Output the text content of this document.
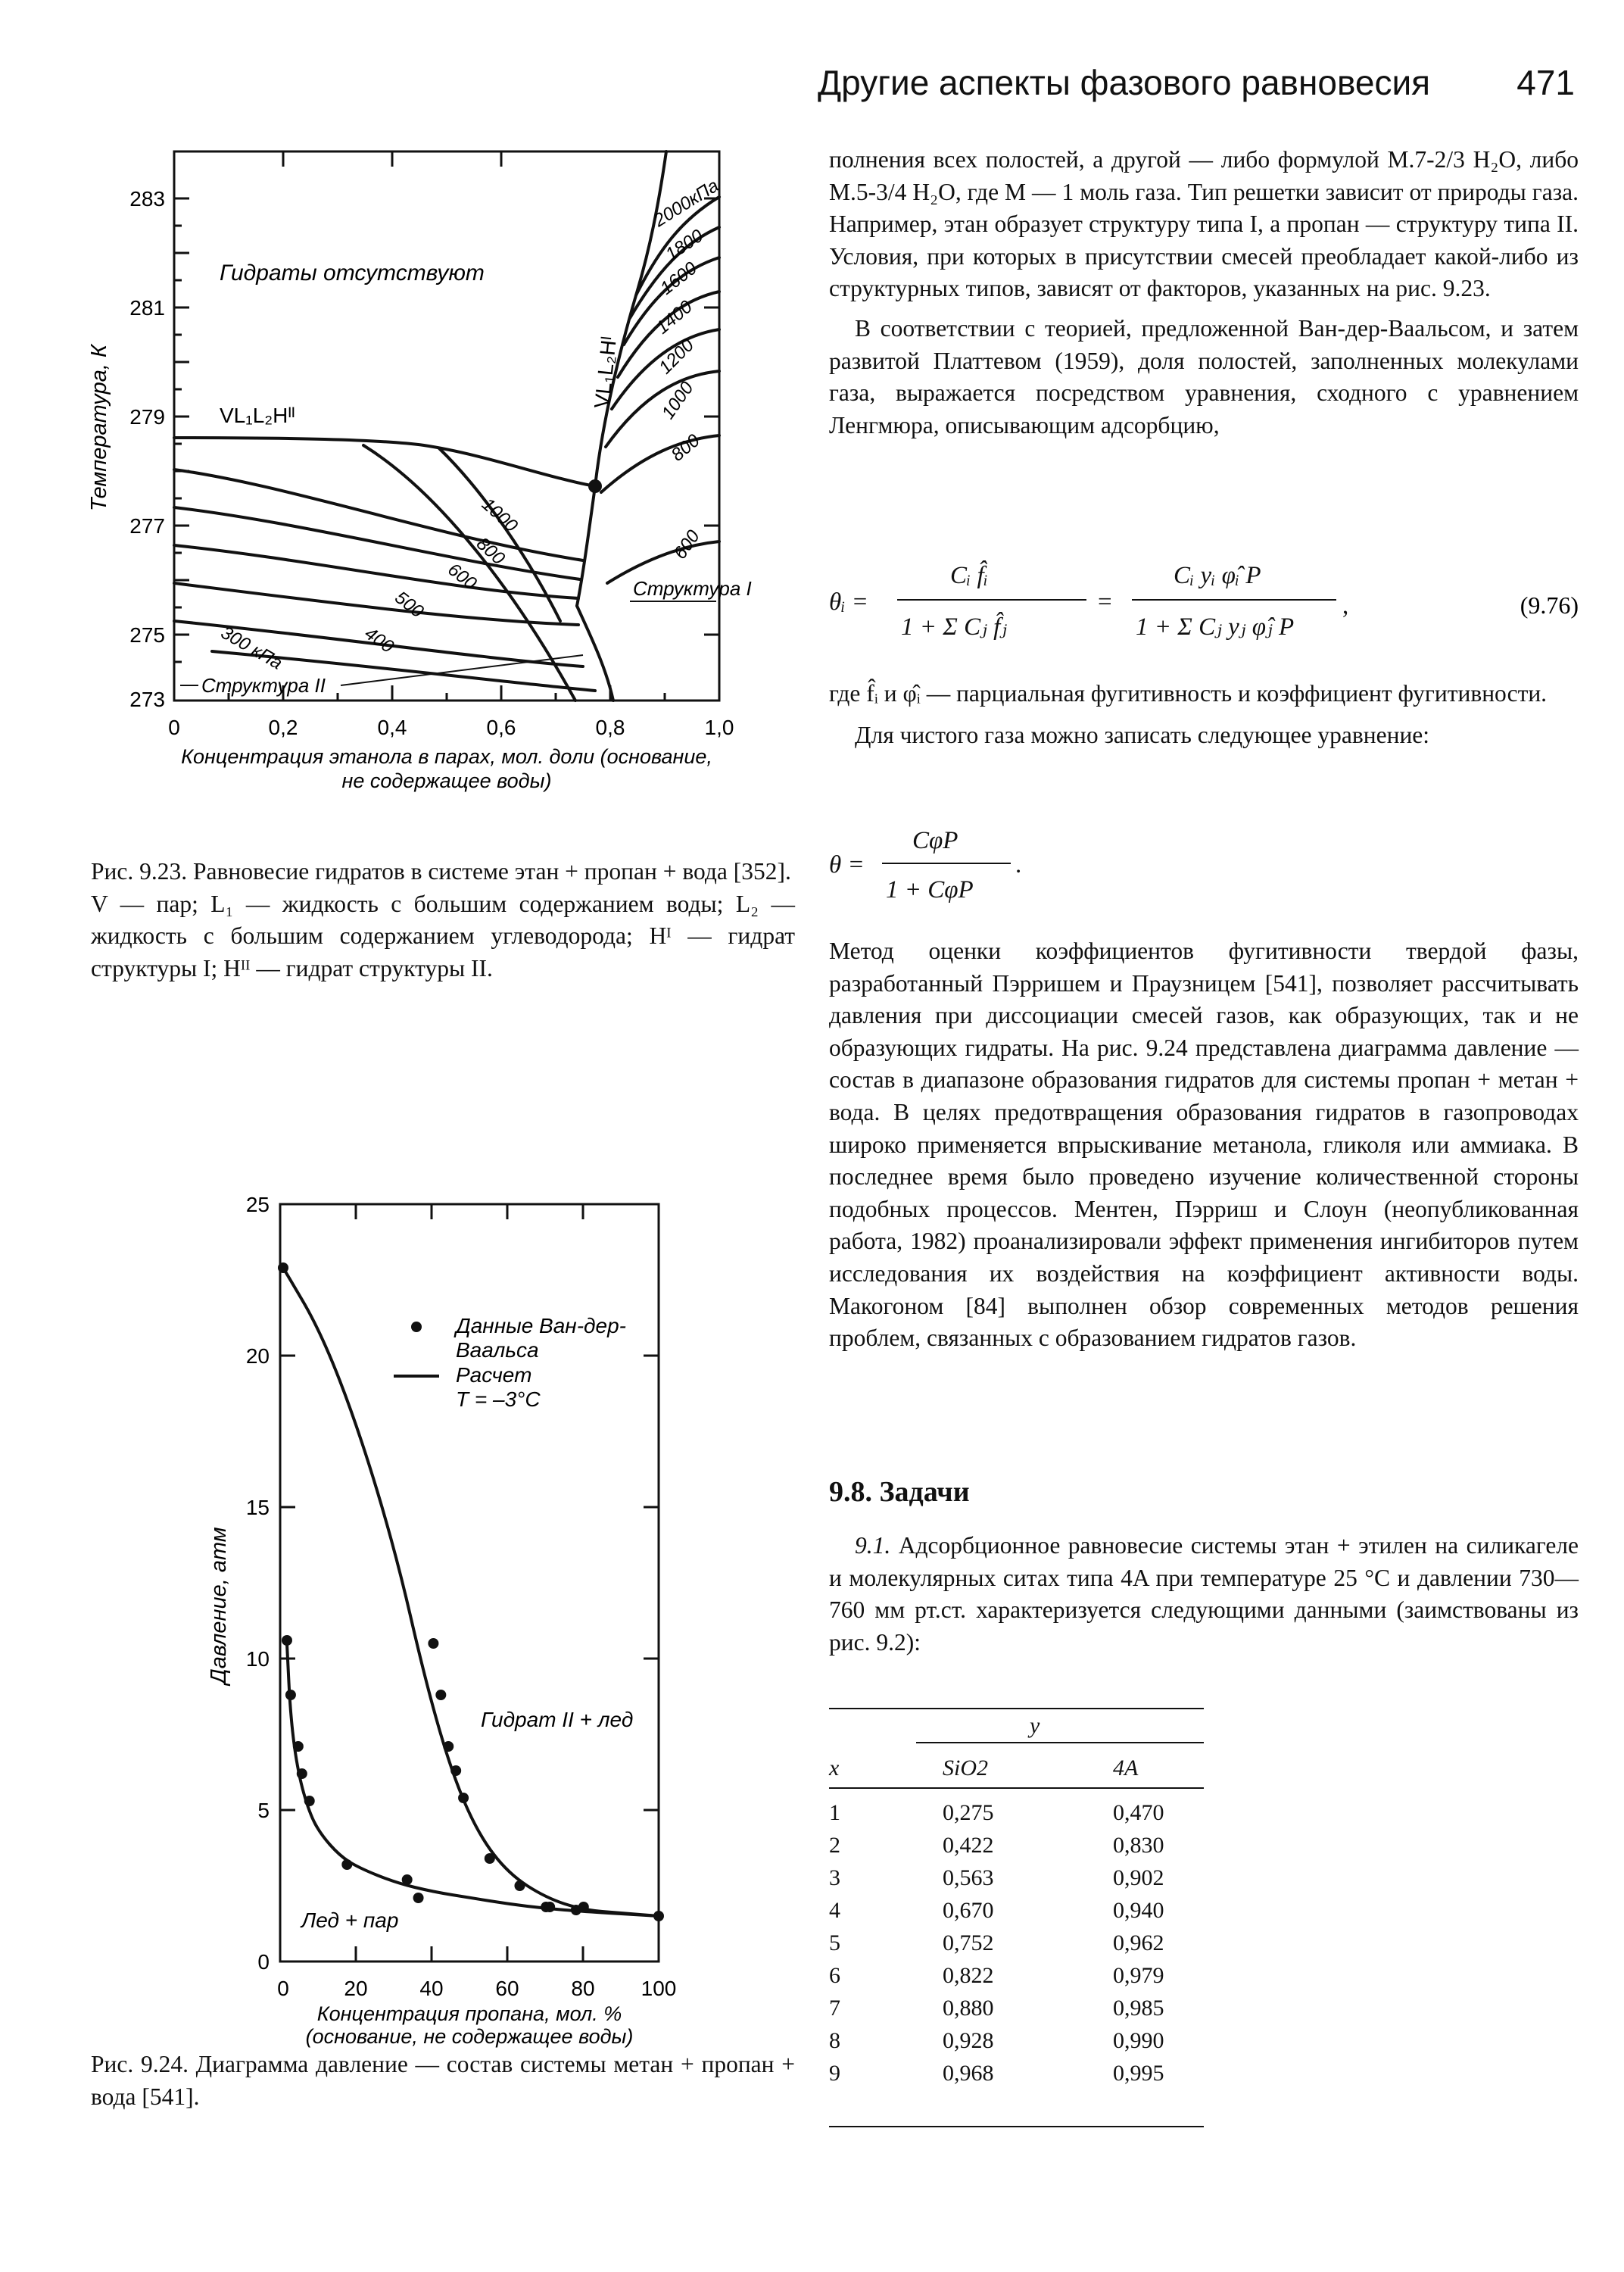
Другие аспекты фазового равновесия 471
283
281
279
277
275
273
0	0,2	0,4	0,6	0,8	1,0
Температура, К
Концентрация этанола в парах, мол. доли (основание,
не содержащее воды)
Гидраты отсутствуют
VL₁L₂Hᴵᴵ
VL₁L₂Hᴵ
Структура I
Структура II
2000кПа
1800
1600
1400
1200
1000
800
600
1000
800
600
500
400
300 кПа

Рис. 9.23. Равновесие гидратов в системе этан + пропан + вода [352].

V — пар; L₁ — жидкость с большим содержанием воды; L₂ — жидкость с большим содержанием углеводорода; Hᴵ — гидрат структуры I; Hᴵᴵ — гидрат структуры II.

25
20
15
10
5
0
0	20 40 60 80 100
Давление, атм
Концентрация пропана, мол. %
(основание, не содержащее воды)
Данные Ван-дер-
Ваальса
Расчет
T = –3°C
Гидрат II + лед
Лед + пар

Рис. 9.24. Диаграмма давление — состав системы метан + пропан + вода [541].

полнения всех полостей, а другой — либо формулой M.7-2/3 H₂O, либо M.5-3/4 H₂O, где M — 1 моль газа. Тип решетки зависит от природы газа. Например, этан образует структуру типа I, а пропан — структуру типа II. Условия, при которых в присутствии смесей преобладает какой-либо из структурных типов, зависят от факторов, указанных на рис. 9.23.

В соответствии с теорией, предложенной Ван-дер-Ваальсом, и затем развитой Платтевом (1959), доля полостей, заполненных молекулами газа, выражается посредством уравнения, сходного с уравнением Ленгмюра, описывающим адсорбцию,

θᵢ =
Cᵢ f̂ᵢ
1 + Σ Cⱼ f̂ⱼ
=
Cᵢ yᵢ φ̂ᵢ P
1 + Σ Cⱼ yⱼ φ̂ⱼ P
,	(9.76)

где f̂ᵢ и φ̂ᵢ — парциальная фугитивность и коэффициент фугитивности.

Для чистого газа можно записать следующее уравнение:

θ =
CφP
1 + CφP
.

Метод оценки коэффициентов фугитивности твердой фазы, разработанный Пэрришем и Праузницем [541], позволяет рассчитывать давления при диссоциации смесей газов, как образующих, так и не образующих гидраты. На рис. 9.24 представлена диаграмма давление — состав в диапазоне образования гидратов для системы пропан + метан + вода. В целях предотвращения образования гидратов в газопроводах широко применяется впрыскивание метанола, гликоля или аммиака. В последнее время было проведено изучение количественной стороны подобных процессов. Ментен, Пэрриш и Слоун (неопубликованная работа, 1982) проанализировали эффект применения ингибиторов путем исследования их воздействия на коэффициент активности воды. Макогоном [84] выполнен обзор современных методов решения проблем, связанных с образованием гидратов газов.

9.8. Задачи

9.1. Адсорбционное равновесие системы этан + этилен на силикагеле и молекулярных ситах типа 4A при температуре 25 °C и давлении 730—760 мм рт.ст. характеризуется следующими данными (заимствованы из рис. 9.2):

y
x	SiO2	4A
1	0,275	0,470
2	0,422	0,830
3	0,563	0,902
4	0,670	0,940
5	0,752	0,962
6	0,822	0,979
7	0,880	0,985
8	0,928	0,990
9	0,968	0,995
